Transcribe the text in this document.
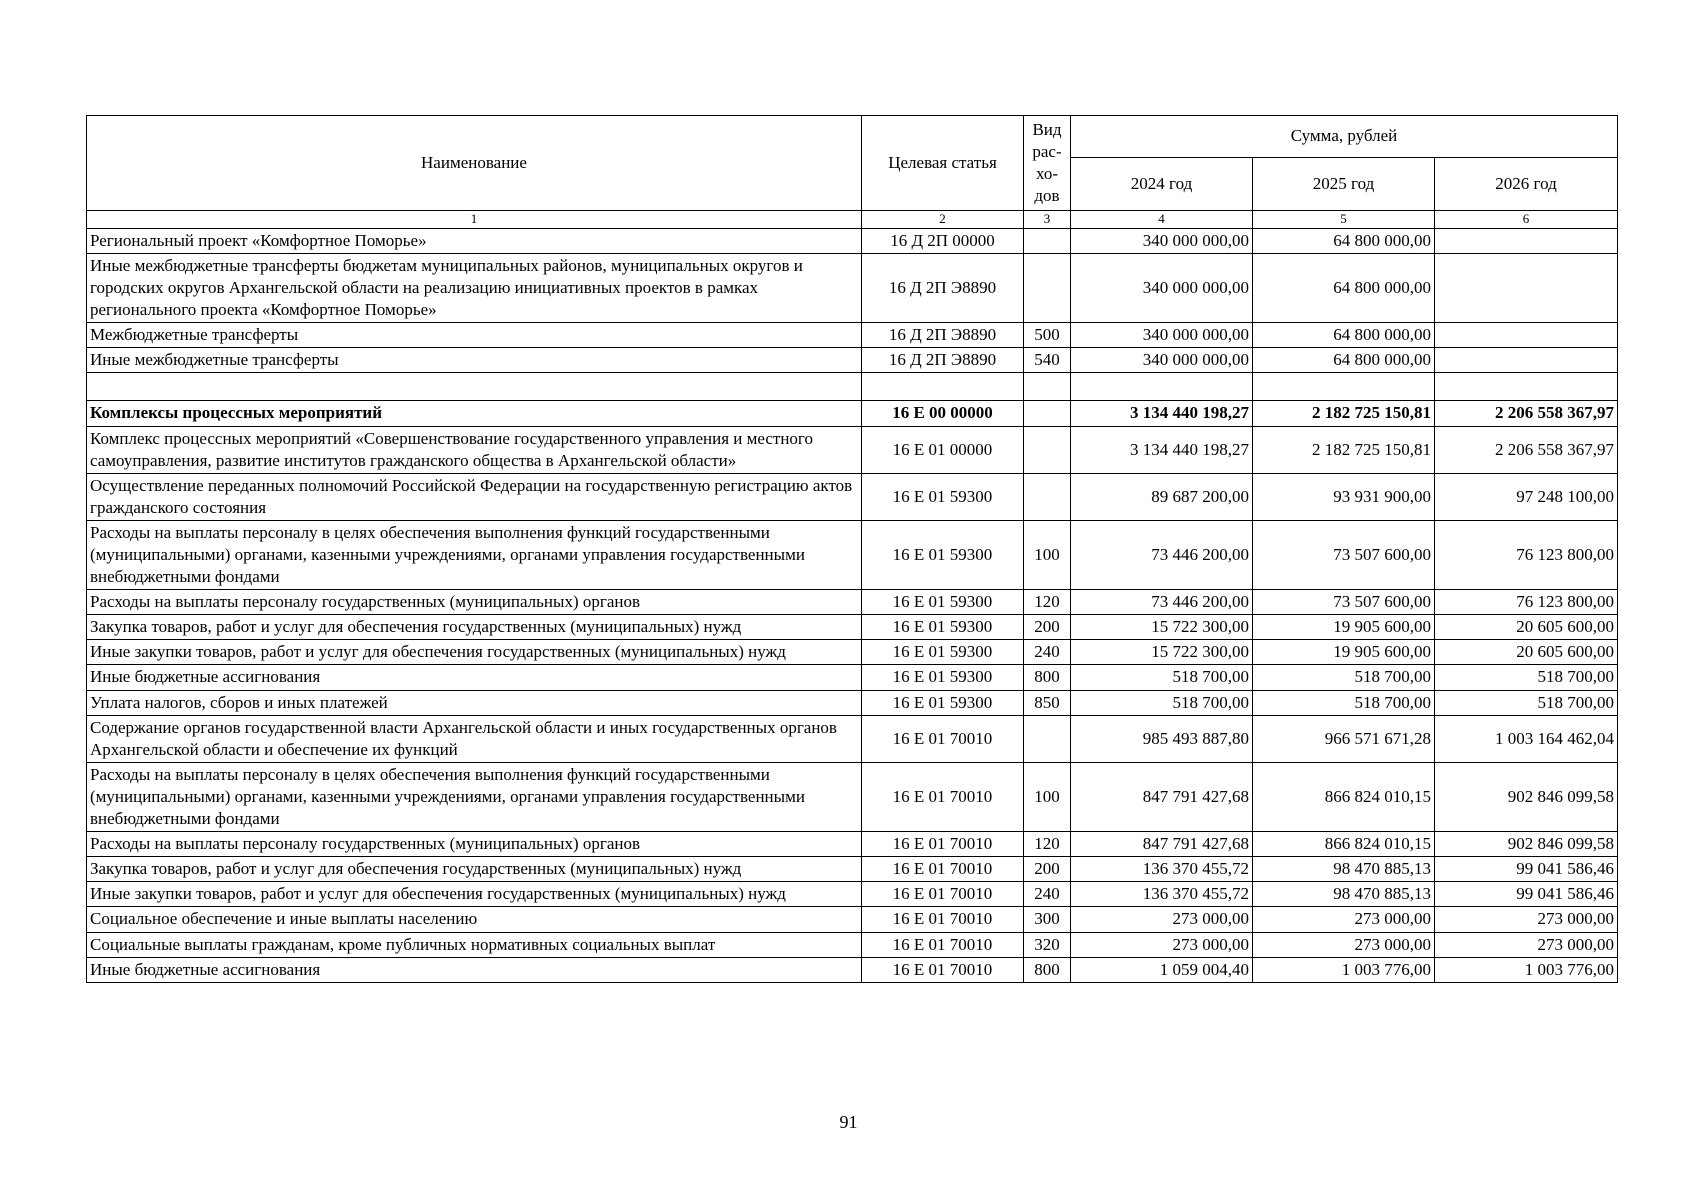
Наименование	Целевая статья	Вид рас-хо-дов	Сумма, рублей		
			2024 год	2025 год	2026 год
1	2	3	4	5	6
Региональный проект «Комфортное Поморье»	16 Д 2П 00000		340 000 000,00	64 800 000,00	
Иные межбюджетные трансферты бюджетам муниципальных районов, муниципальных округов и городских округов Архангельской области на реализацию инициативных проектов в рамках регионального проекта «Комфортное Поморье»	16 Д 2П Э8890		340 000 000,00	64 800 000,00	
Межбюджетные трансферты	16 Д 2П Э8890	500	340 000 000,00	64 800 000,00	
Иные межбюджетные трансферты	16 Д 2П Э8890	540	340 000 000,00	64 800 000,00	

Комплексы процессных мероприятий	16 Е 00 00000		3 134 440 198,27	2 182 725 150,81	2 206 558 367,97
Комплекс процессных мероприятий «Совершенствование государственного управления и местного самоуправления, развитие институтов гражданского общества в Архангельской области»	16 Е 01 00000		3 134 440 198,27	2 182 725 150,81	2 206 558 367,97
Осуществление переданных полномочий Российской Федерации на государственную регистрацию актов гражданского состояния	16 Е 01 59300		89 687 200,00	93 931 900,00	97 248 100,00
Расходы на выплаты персоналу в целях обеспечения выполнения функций государственными (муниципальными) органами, казенными учреждениями, органами управления государственными внебюджетными фондами	16 Е 01 59300	100	73 446 200,00	73 507 600,00	76 123 800,00
Расходы на выплаты персоналу государственных (муниципальных) органов	16 Е 01 59300	120	73 446 200,00	73 507 600,00	76 123 800,00
Закупка товаров, работ и услуг для обеспечения государственных (муниципальных) нужд	16 Е 01 59300	200	15 722 300,00	19 905 600,00	20 605 600,00
Иные закупки товаров, работ и услуг для обеспечения государственных (муниципальных) нужд	16 Е 01 59300	240	15 722 300,00	19 905 600,00	20 605 600,00
Иные бюджетные ассигнования	16 Е 01 59300	800	518 700,00	518 700,00	518 700,00
Уплата налогов, сборов и иных платежей	16 Е 01 59300	850	518 700,00	518 700,00	518 700,00
Содержание органов государственной власти Архангельской области и иных государственных органов Архангельской области и обеспечение их функций	16 Е 01 70010		985 493 887,80	966 571 671,28	1 003 164 462,04
Расходы на выплаты персоналу в целях обеспечения выполнения функций государственными (муниципальными) органами, казенными учреждениями, органами управления государственными внебюджетными фондами	16 Е 01 70010	100	847 791 427,68	866 824 010,15	902 846 099,58
Расходы на выплаты персоналу государственных (муниципальных) органов	16 Е 01 70010	120	847 791 427,68	866 824 010,15	902 846 099,58
Закупка товаров, работ и услуг для обеспечения государственных (муниципальных) нужд	16 Е 01 70010	200	136 370 455,72	98 470 885,13	99 041 586,46
Иные закупки товаров, работ и услуг для обеспечения государственных (муниципальных) нужд	16 Е 01 70010	240	136 370 455,72	98 470 885,13	99 041 586,46
Социальное обеспечение и иные выплаты населению	16 Е 01 70010	300	273 000,00	273 000,00	273 000,00
Социальные выплаты гражданам, кроме публичных нормативных социальных выплат	16 Е 01 70010	320	273 000,00	273 000,00	273 000,00
Иные бюджетные ассигнования	16 Е 01 70010	800	1 059 004,40	1 003 776,00	1 003 776,00
91
